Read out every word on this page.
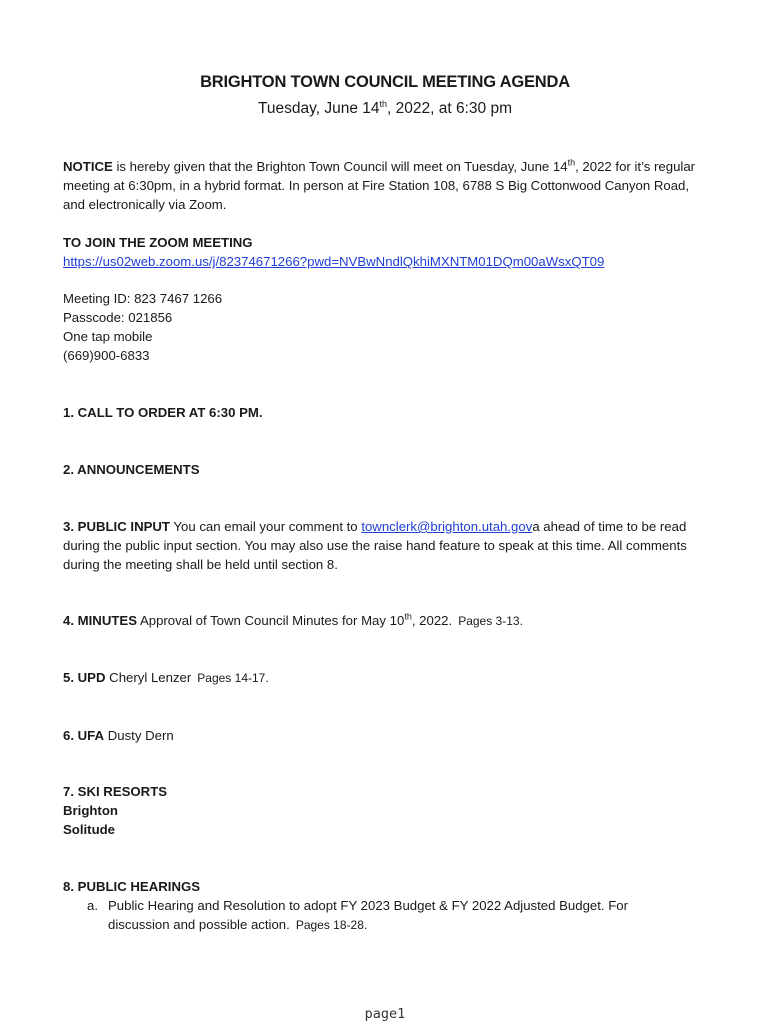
BRIGHTON TOWN COUNCIL MEETING AGENDA
Tuesday, June 14th, 2022, at 6:30 pm
NOTICE is hereby given that the Brighton Town Council will meet on Tuesday, June 14th, 2022 for it’s regular meeting at 6:30pm, in a hybrid format. In person at Fire Station 108, 6788 S Big Cottonwood Canyon Road, and electronically via Zoom.
TO JOIN THE ZOOM MEETING
https://us02web.zoom.us/j/82374671266?pwd=NVBwNndlQkhiMXNTM01DQm00aWsxQT09
Meeting ID: 823 7467 1266
Passcode: 021856
One tap mobile
(669)900-6833
1. CALL TO ORDER AT 6:30 PM.
2. ANNOUNCEMENTS
3. PUBLIC INPUT You can email your comment to townclerk@brighton.utah.gova ahead of time to be read during the public input section. You may also use the raise hand feature to speak at this time. All comments during the meeting shall be held until section 8.
4. MINUTES Approval of Town Council Minutes for May 10th, 2022. Pages 3-13.
5. UPD Cheryl Lenzer Pages 14-17.
6. UFA Dusty Dern
7. SKI RESORTS
Brighton
Solitude
8. PUBLIC HEARINGS
a. Public Hearing and Resolution to adopt FY 2023 Budget & FY 2022 Adjusted Budget. For discussion and possible action. Pages 18-28.
page1
